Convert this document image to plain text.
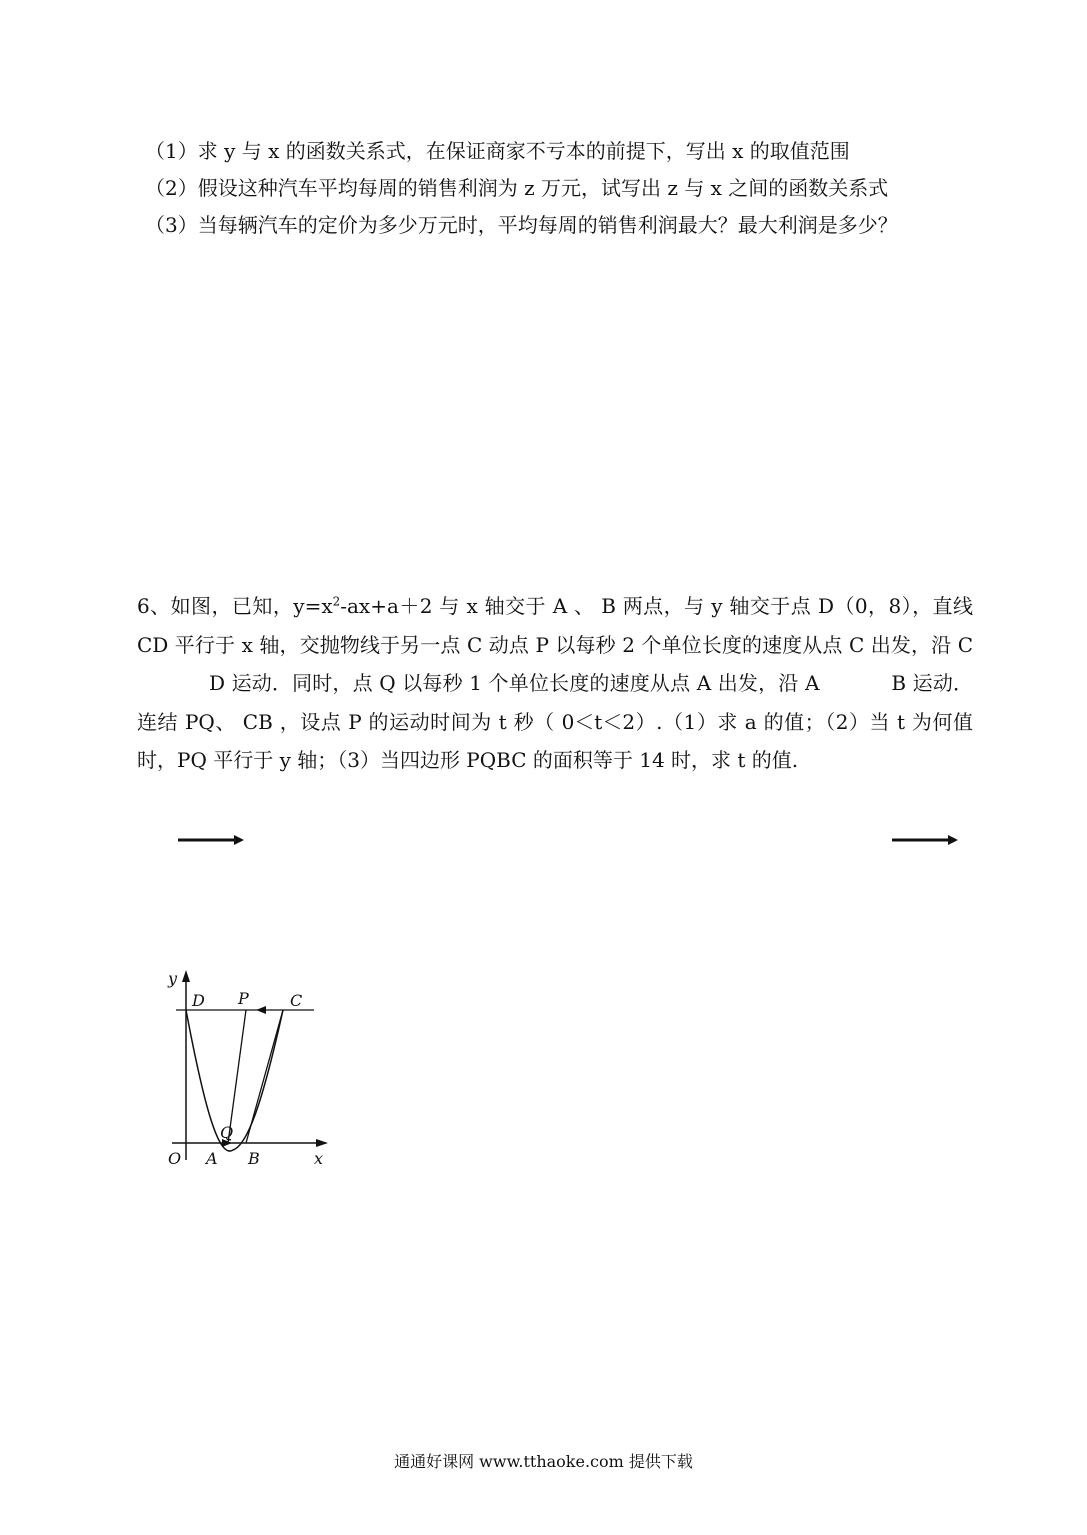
（1）求 y 与 x 的函数关系式，在保证商家不亏本的前提下，写出 x 的取值范围
（2）假设这种汽车平均每周的销售利润为 z 万元，试写出 z 与 x 之间的函数关系式
（3）当每辆汽车的定价为多少万元时，平均每周的销售利润最大？最大利润是多少？
6、如图，已知，$y=x^2-ax+a+2$ 与 x 轴交于 A 、 B 两点，与 y 轴交于点 D（0，8），直线 CD 平行于 x 轴，交抛物线于另一点 C 动点 P 以每秒 2 个单位长度的速度从点 C 出发，沿 CD 运动．同时，点 Q 以每秒 1 个单位长度的速度从点 A 出发，沿 A	B 运动．连结 PQ、 CB ，设点 P 的运动时间为 t 秒（ 0＜t＜2）.（1）求 a 的值；（2）当 t 为何值时，PQ 平行于 y 轴；（3）当四边形 PQBC 的面积等于 14 时，求 t 的值.
y
D P	C
Q
O A B	x
通通好课网 www.tthaoke.com 提供下载
